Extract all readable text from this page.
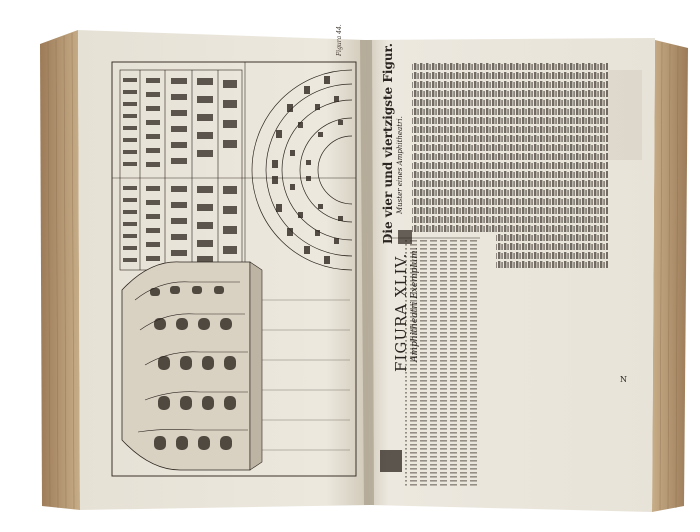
FIGURA XLIV. Amphitheatri Exemplum.
Die vier und viertzigste Figur. Muster eines Amphitheatri.
Figura 44.
N
